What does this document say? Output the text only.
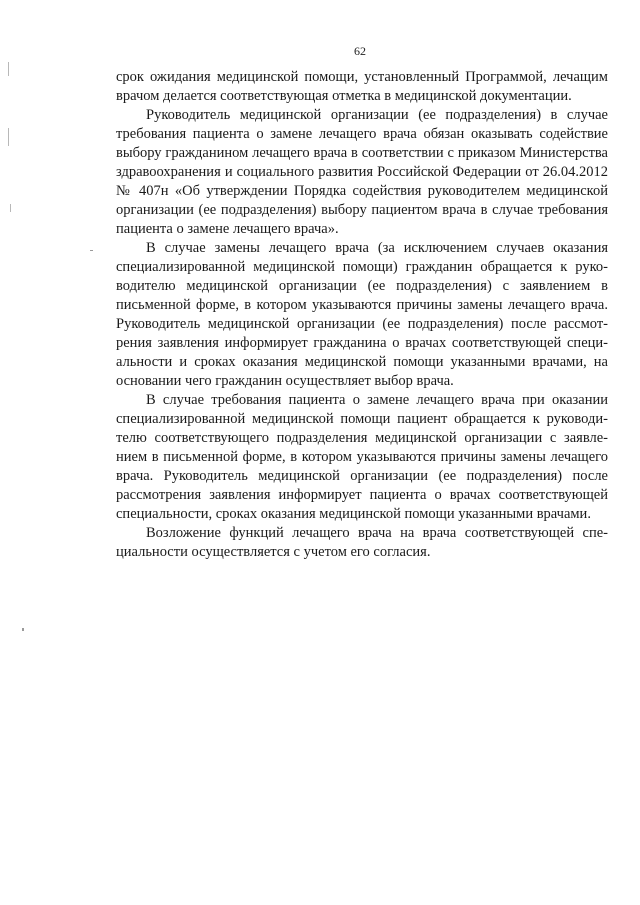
62

срок ожидания медицинской помощи, установленный Программой, лечащим врачом делается соответствующая отметка в медицинской документации.

Руководитель медицинской организации (ее подразделения) в случае требования пациента о замене лечащего врача обязан оказывать содействие выбору гражданином лечащего врача в соответствии с приказом Министерства здравоохранения и социального развития Российской Федерации от 26.04.2012 № 407н «Об утверждении Порядка содействия руководителем медицинской организации (ее подразделения) выбору пациентом врача в случае требования пациента о замене лечащего врача».

В случае замены лечащего врача (за исключением случаев оказания специализированной медицинской помощи) гражданин обращается к руководителю медицинской организации (ее подразделения) с заявлением в письменной форме, в котором указываются причины замены лечащего врача. Руководитель медицинской организации (ее подразделения) после рассмотрения заявления информирует гражданина о врачах соответствующей специальности и сроках оказания медицинской помощи указанными врачами, на основании чего гражданин осуществляет выбор врача.

В случае требования пациента о замене лечащего врача при оказании специализированной медицинской помощи пациент обращается к руководителю соответствующего подразделения медицинской организации с заявлением в письменной форме, в котором указываются причины замены лечащего врача. Руководитель медицинской организации (ее подразделения) после рассмотрения заявления информирует пациента о врачах соответствующей специальности, сроках оказания медицинской помощи указанными врачами.

Возложение функций лечащего врача на врача соответствующей специальности осуществляется с учетом его согласия.
